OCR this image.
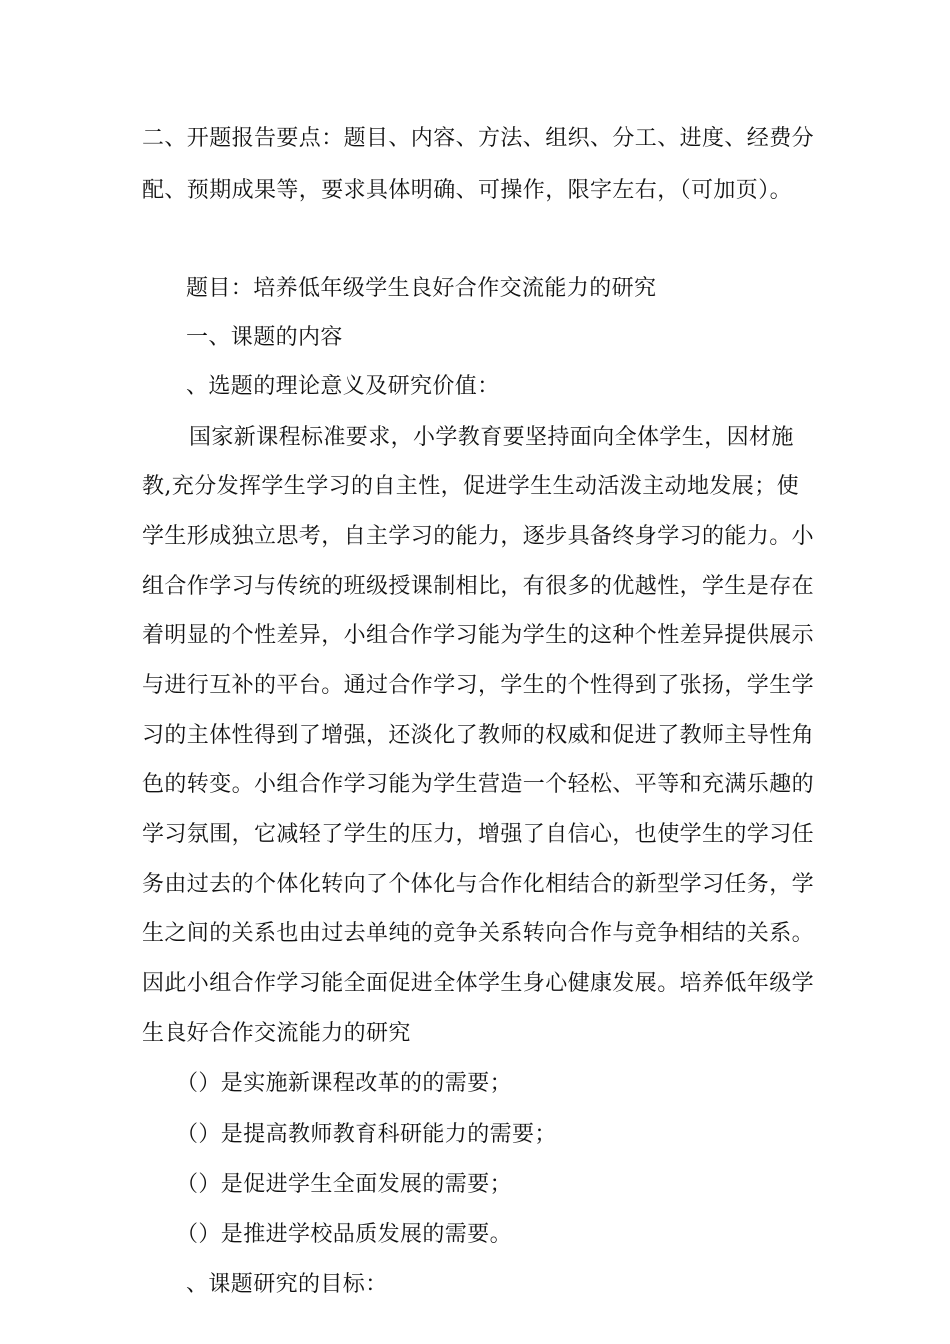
二、开题报告要点：题目、内容、方法、组织、分工、进度、经费分
配、预期成果等，要求具体明确、可操作，限字左右，（可加页）。
题目：培养低年级学生良好合作交流能力的研究
一、课题的内容
、选题的理论意义及研究价值：
国家新课程标准要求，小学教育要坚持面向全体学生，因材施
教,充分发挥学生学习的自主性，促进学生生动活泼主动地发展；使
学生形成独立思考，自主学习的能力，逐步具备终身学习的能力。小
组合作学习与传统的班级授课制相比，有很多的优越性，学生是存在
着明显的个性差异，小组合作学习能为学生的这种个性差异提供展示
与进行互补的平台。通过合作学习，学生的个性得到了张扬，学生学
习的主体性得到了增强，还淡化了教师的权威和促进了教师主导性角
色的转变。小组合作学习能为学生营造一个轻松、平等和充满乐趣的
学习氛围，它减轻了学生的压力，增强了自信心，也使学生的学习任
务由过去的个体化转向了个体化与合作化相结合的新型学习任务，学
生之间的关系也由过去单纯的竞争关系转向合作与竞争相结的关系。
因此小组合作学习能全面促进全体学生身心健康发展。培养低年级学
生良好合作交流能力的研究
（）是实施新课程改革的的需要；
（）是提高教师教育科研能力的需要；
（）是促进学生全面发展的需要；
（）是推进学校品质发展的需要。
、课题研究的目标：
